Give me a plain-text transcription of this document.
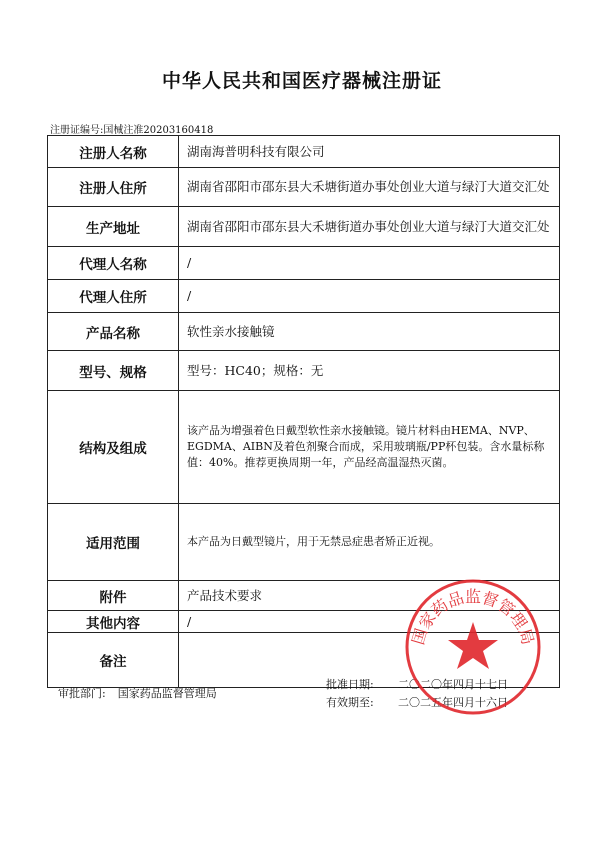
中华人民共和国医疗器械注册证
注册证编号:国械注准20203160418
注册人名称	湖南海普明科技有限公司
注册人住所	湖南省邵阳市邵东县大禾塘街道办事处创业大道与绿汀大道交汇处
生产地址	湖南省邵阳市邵东县大禾塘街道办事处创业大道与绿汀大道交汇处
代理人名称	/
代理人住所	/
产品名称	软性亲水接触镜
型号、规格	型号：HC40；规格：无
结构及组成	该产品为增强着色日戴型软性亲水接触镜。镜片材料由HEMA、NVP、EGDMA、AIBN及着色剂聚合而成，采用玻璃瓶/PP杯包装。含水量标称值：40%。推荐更换周期一年，产品经高温湿热灭菌。
适用范围	本产品为日戴型镜片，用于无禁忌症患者矫正近视。
附件	产品技术要求
其他内容	/
备注	
审批部门: 国家药品监督管理局
批准日期: 二〇二〇年四月十七日
有效期至: 二〇二五年四月十六日
国家药品监督管理局
